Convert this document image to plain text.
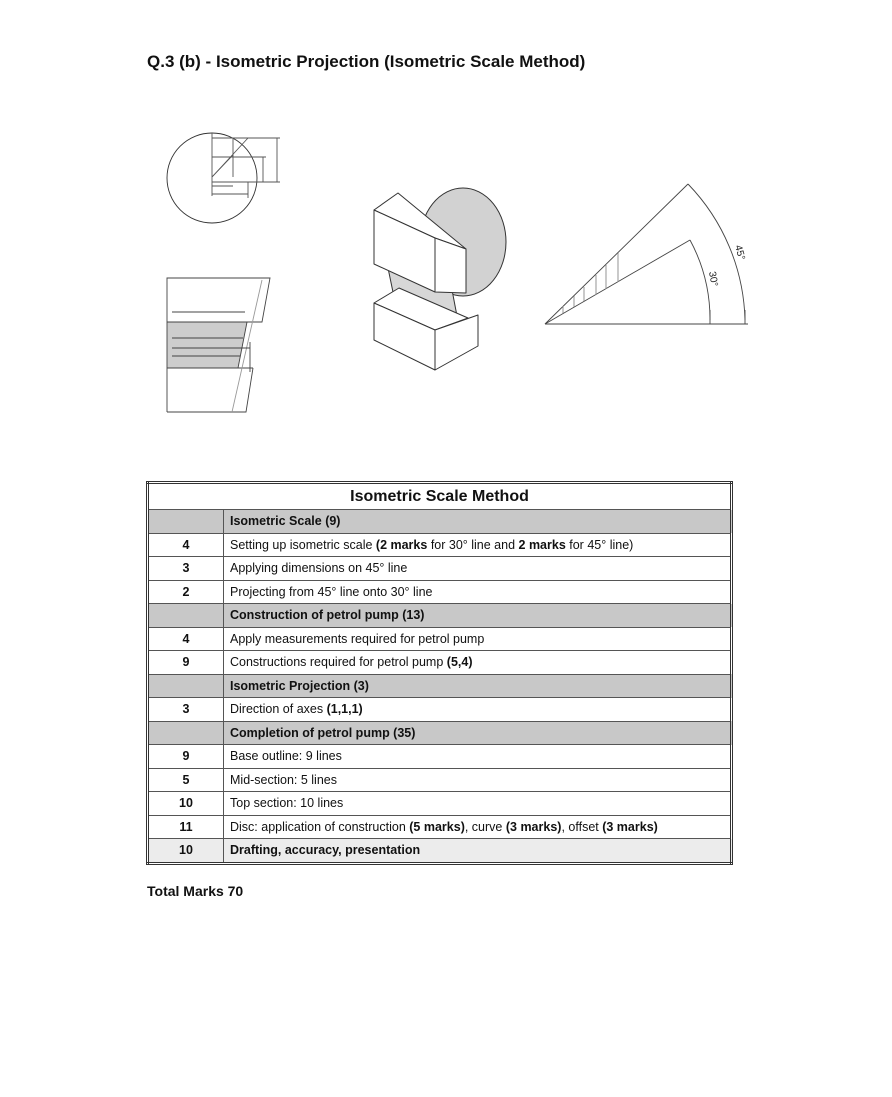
Q.3 (b) - Isometric Projection (Isometric Scale Method)
45°
30°
Isometric Scale Method	
	Isometric Scale (9)
4	Setting up isometric scale (2 marks for 30° line and 2 marks for 45° line)
3	Applying dimensions on 45° line
2	Projecting from 45° line onto 30° line
	Construction of petrol pump (13)
4	Apply measurements required for petrol pump
9	Constructions required for petrol pump (5,4)
	Isometric Projection (3)
3	Direction of axes (1,1,1)
	Completion of petrol pump (35)
9	Base outline: 9 lines
5	Mid-section: 5 lines
10	Top section: 10 lines
11	Disc: application of construction (5 marks), curve (3 marks), offset (3 marks)
10	Drafting, accuracy, presentation
Total Marks 70
